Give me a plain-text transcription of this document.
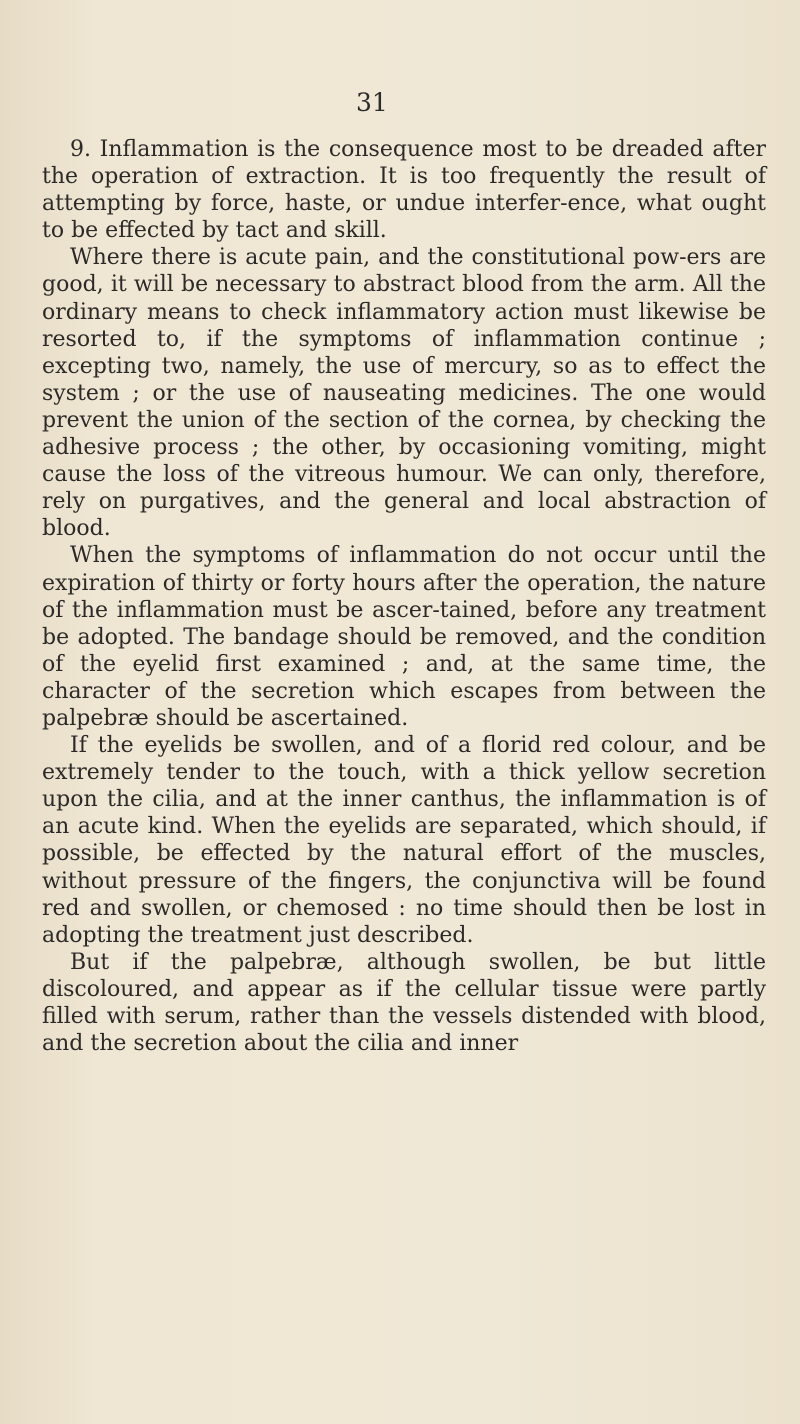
31

9. Inflammation is the consequence most to be dreaded after the operation of extraction. It is too frequently the result of attempting by force, haste, or undue interfer-ence, what ought to be effected by tact and skill.

Where there is acute pain, and the constitutional pow-ers are good, it will be necessary to abstract blood from the arm. All the ordinary means to check inflammatory action must likewise be resorted to, if the symptoms of inflammation continue ; excepting two, namely, the use of mercury, so as to effect the system ; or the use of nauseating medicines. The one would prevent the union of the section of the cornea, by checking the adhesive process ; the other, by occasioning vomiting, might cause the loss of the vitreous humour. We can only, therefore, rely on purgatives, and the general and local abstraction of blood.

When the symptoms of inflammation do not occur until the expiration of thirty or forty hours after the operation, the nature of the inflammation must be ascer-tained, before any treatment be adopted. The bandage should be removed, and the condition of the eyelid first examined ; and, at the same time, the character of the secretion which escapes from between the palpebræ should be ascertained.

If the eyelids be swollen, and of a florid red colour, and be extremely tender to the touch, with a thick yellow secretion upon the cilia, and at the inner canthus, the inflammation is of an acute kind. When the eyelids are separated, which should, if possible, be effected by the natural effort of the muscles, without pressure of the fingers, the conjunctiva will be found red and swollen, or chemosed : no time should then be lost in adopting the treatment just described.

But if the palpebræ, although swollen, be but little discoloured, and appear as if the cellular tissue were partly filled with serum, rather than the vessels distended with blood, and the secretion about the cilia and inner
